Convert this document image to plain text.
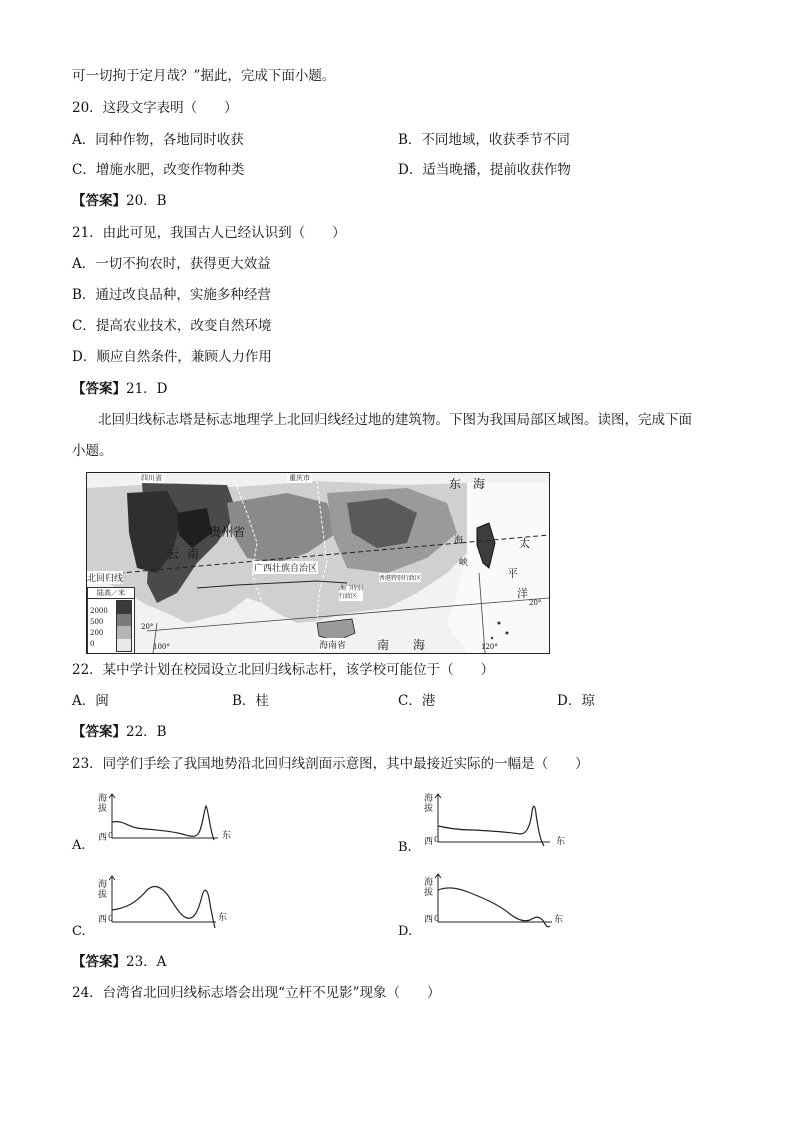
可一切拘于定月哉？”据此，完成下面小题。
20．这段文字表明（　　）
A．同种作物，各地同时收获	B．不同地域，收获季节不同
C．增施水肥，改变作物种类	D．适当晚播，提前收获作物
【答案】20．B
21．由此可见，我国古人已经认识到（　　）
A．一切不拘农时，获得更大效益
B．通过改良品种，实施多种经营
C．提高农业技术，改变自然环境
D．顺应自然条件，兼顾人力作用
【答案】21．D
北回归线标志塔是标志地理学上北回归线经过地的建筑物。下图为我国局部区域图。读图，完成下面
小题。
四川省	重庆市
贵州省
云南
广西壮族自治区
东　海
太
平
洋
海
峡
香港特别行政区
澳门特别
行政区
海南省	南　　海
北回归线
20°
20°
100°	120°
陆高／米
2000
500
200
0
22．某中学计划在校园设立北回归线标志杆，该学校可能位于（　　）
A．闽	B．桂	C．港	D．琼
【答案】22．B
23．同学们手绘了我国地势沿北回归线剖面示意图，其中最接近实际的一幅是（　　）
A.
海拔
西 0	东
B.
海拔
西 0	东
C.
海拔
西 0	东
D.
海拔
西 0	东
【答案】23．A
24．台湾省北回归线标志塔会出现“立杆不见影”现象（　　）
